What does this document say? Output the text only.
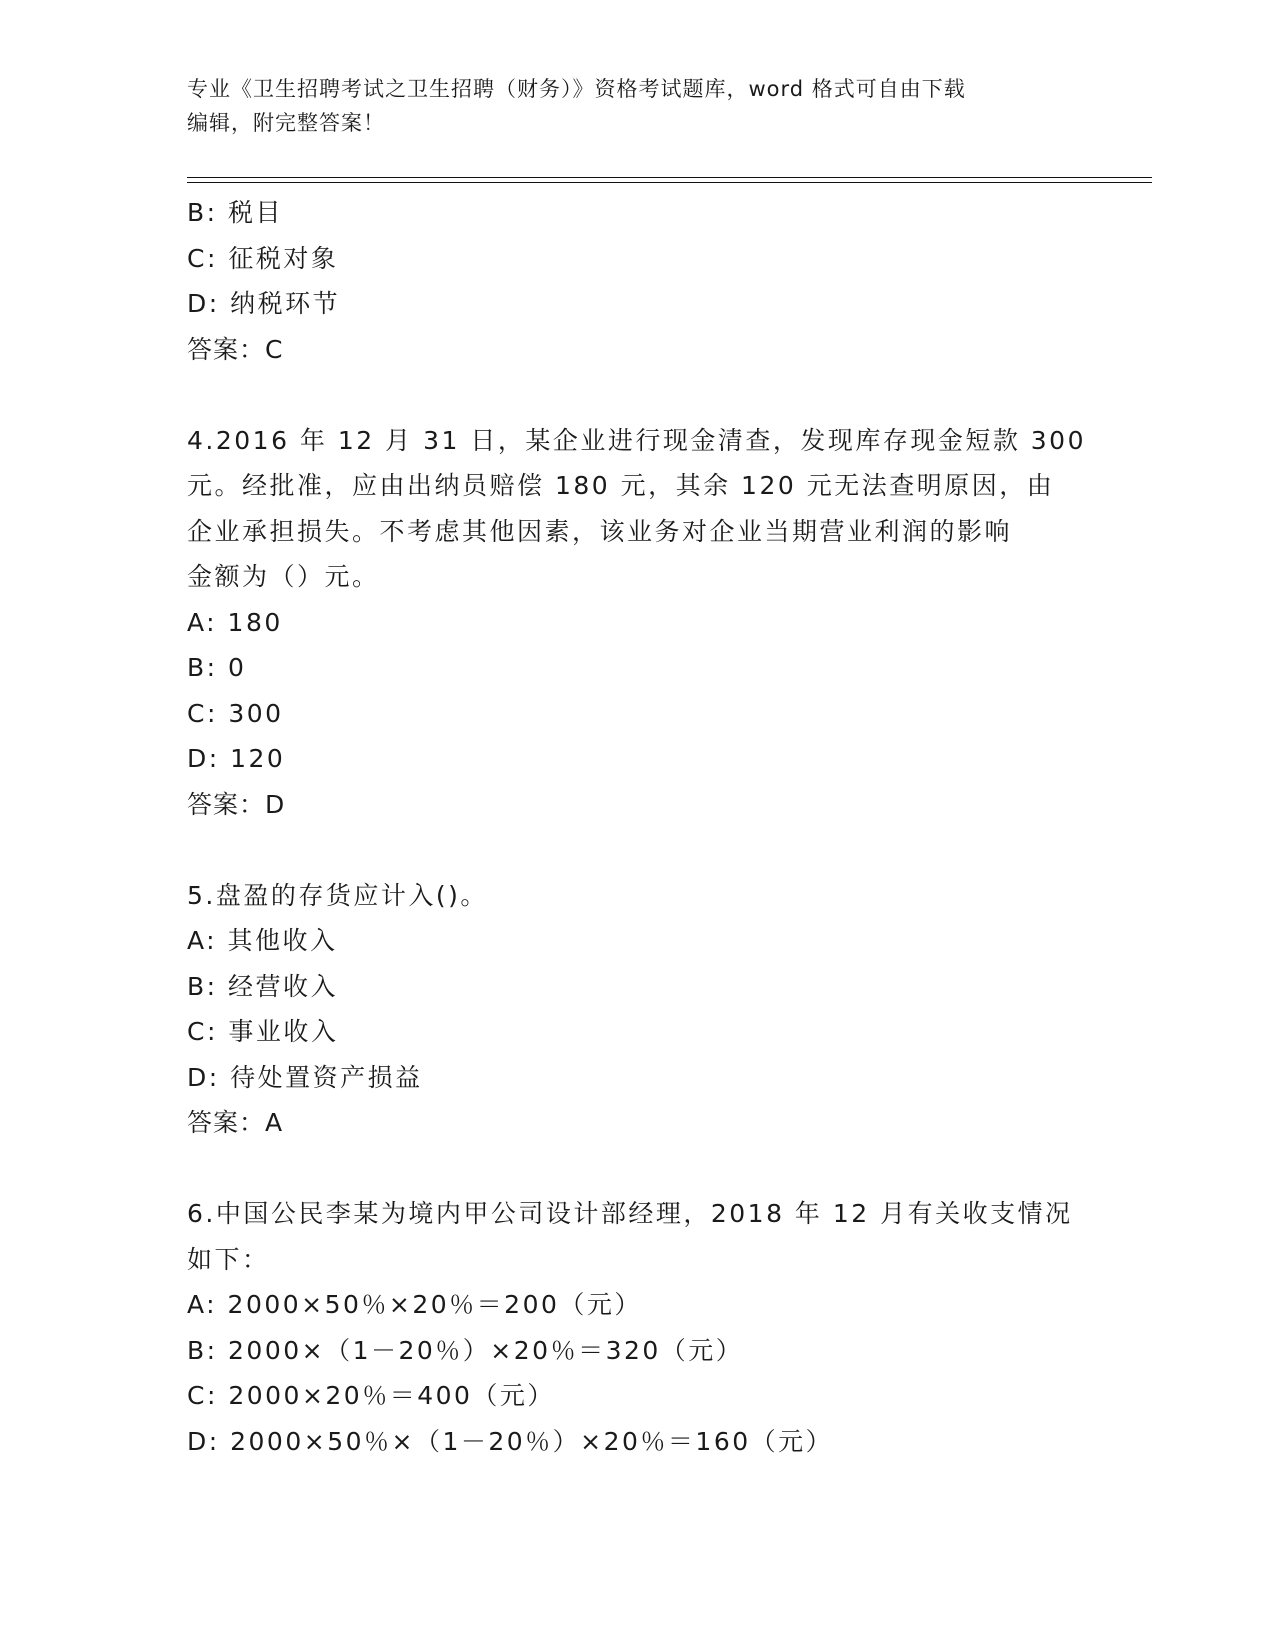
专业《卫生招聘考试之卫生招聘（财务）》资格考试题库，word 格式可自由下载
编辑，附完整答案！
B: 税目
C: 征税对象
D: 纳税环节
答案：C
4.2016 年 12 月 31 日，某企业进行现金清查，发现库存现金短款 300
元。经批准，应由出纳员赔偿 180 元，其余 120 元无法查明原因，由
企业承担损失。不考虑其他因素，该业务对企业当期营业利润的影响
金额为（）元。
A: 180
B: 0
C: 300
D: 120
答案：D
5.盘盈的存货应计入()。
A: 其他收入
B: 经营收入
C: 事业收入
D: 待处置资产损益
答案：A
6.中国公民李某为境内甲公司设计部经理，2018 年 12 月有关收支情况
如下：
A: 2000×50％×20％＝200（元）
B: 2000×（1－20％）×20％＝320（元）
C: 2000×20％＝400（元）
D: 2000×50％×（1－20％）×20％＝160（元）
